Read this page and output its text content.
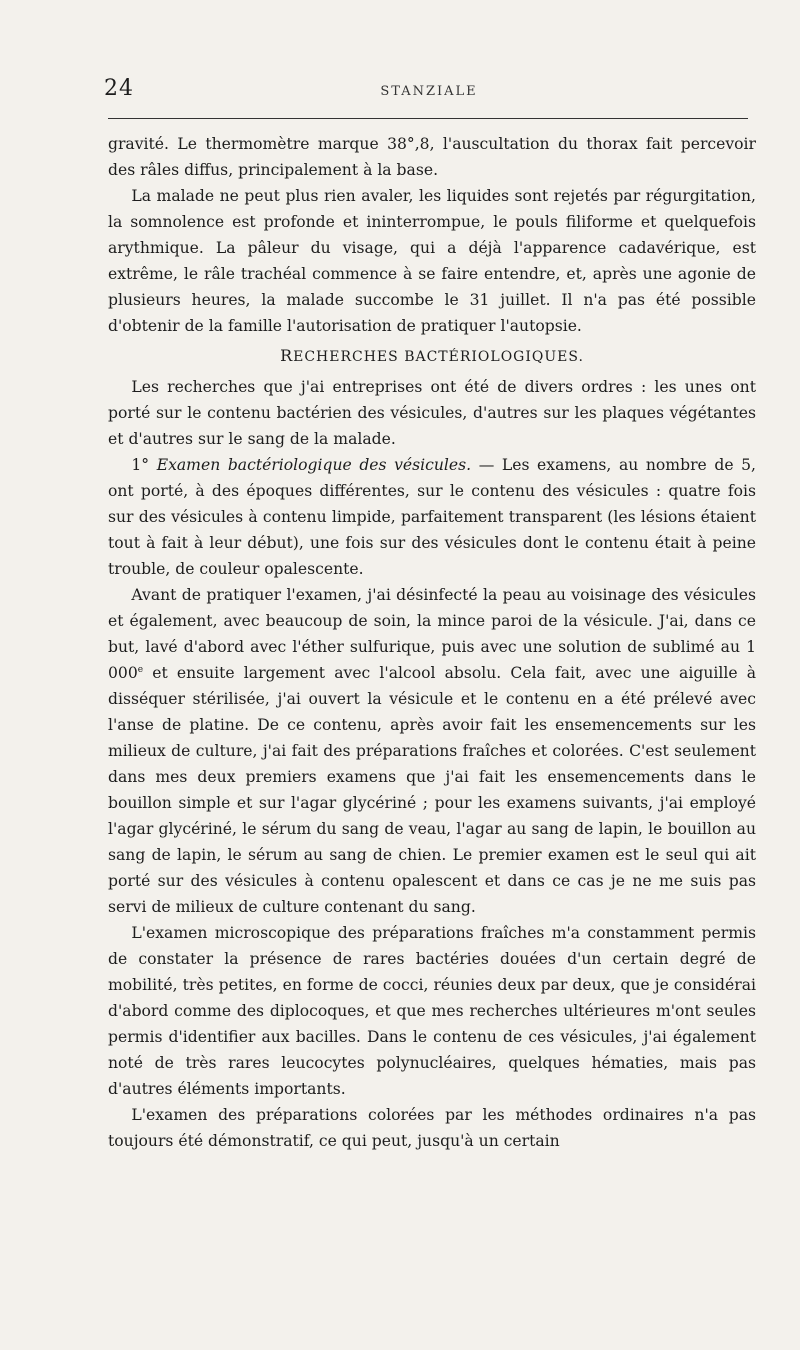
24	STANZIALE

gravité. Le thermomètre marque 38°,8, l'auscultation du thorax fait percevoir des râles diffus, principalement à la base.

La malade ne peut plus rien avaler, les liquides sont rejetés par régurgitation, la somnolence est profonde et ininterrompue, le pouls filiforme et quelquefois arythmique. La pâleur du visage, qui a déjà l'apparence cadavérique, est extrême, le râle trachéal commence à se faire entendre, et, après une agonie de plusieurs heures, la malade succombe le 31 juillet. Il n'a pas été possible d'obtenir de la famille l'autorisation de pratiquer l'autopsie.

RECHERCHES BACTÉRIOLOGIQUES.

Les recherches que j'ai entreprises ont été de divers ordres : les unes ont porté sur le contenu bactérien des vésicules, d'autres sur les plaques végétantes et d'autres sur le sang de la malade.

1° Examen bactériologique des vésicules. — Les examens, au nombre de 5, ont porté, à des époques différentes, sur le contenu des vésicules : quatre fois sur des vésicules à contenu limpide, parfaitement transparent (les lésions étaient tout à fait à leur début), une fois sur des vésicules dont le contenu était à peine trouble, de couleur opalescente.

Avant de pratiquer l'examen, j'ai désinfecté la peau au voisinage des vésicules et également, avec beaucoup de soin, la mince paroi de la vésicule. J'ai, dans ce but, lavé d'abord avec l'éther sulfurique, puis avec une solution de sublimé au 1 000e et ensuite largement avec l'alcool absolu. Cela fait, avec une aiguille à disséquer stérilisée, j'ai ouvert la vésicule et le contenu en a été prélevé avec l'anse de platine. De ce contenu, après avoir fait les ensemencements sur les milieux de culture, j'ai fait des préparations fraîches et colorées. C'est seulement dans mes deux premiers examens que j'ai fait les ensemencements dans le bouillon simple et sur l'agar glycériné ; pour les examens suivants, j'ai employé l'agar glycériné, le sérum du sang de veau, l'agar au sang de lapin, le bouillon au sang de lapin, le sérum au sang de chien. Le premier examen est le seul qui ait porté sur des vésicules à contenu opalescent et dans ce cas je ne me suis pas servi de milieux de culture contenant du sang.

L'examen microscopique des préparations fraîches m'a constamment permis de constater la présence de rares bactéries douées d'un certain degré de mobilité, très petites, en forme de cocci, réunies deux par deux, que je considérai d'abord comme des diplocoques, et que mes recherches ultérieures m'ont seules permis d'identifier aux bacilles. Dans le contenu de ces vésicules, j'ai également noté de très rares leucocytes polynucléaires, quelques hématies, mais pas d'autres éléments importants.

L'examen des préparations colorées par les méthodes ordinaires n'a pas toujours été démonstratif, ce qui peut, jusqu'à un certain
